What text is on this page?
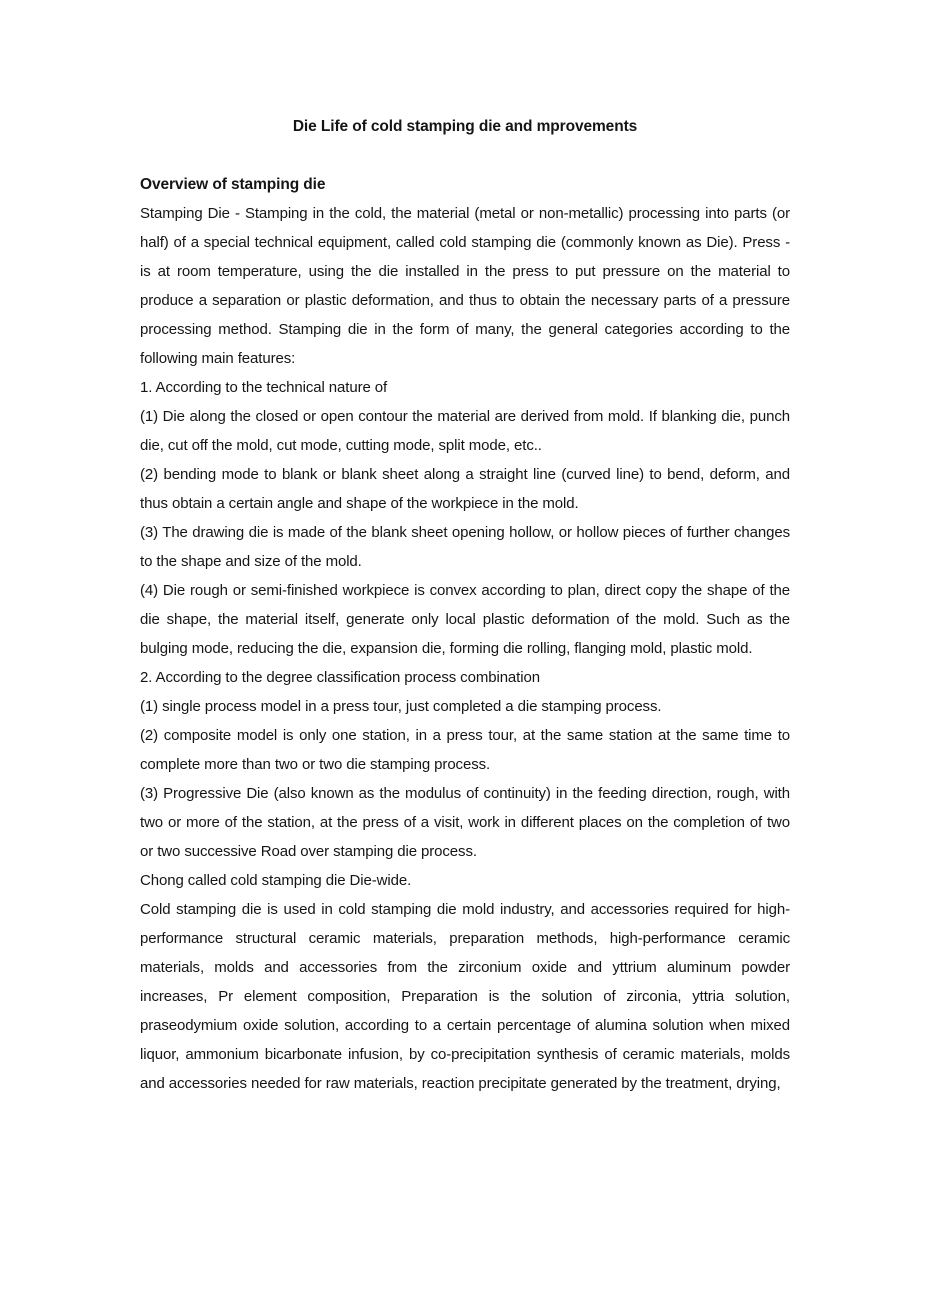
Die Life of cold stamping die and mprovements
Overview of stamping die

Stamping Die - Stamping in the cold, the material (metal or non-metallic) processing into parts (or half) of a special technical equipment, called cold stamping die (commonly known as Die). Press - is at room temperature, using the die installed in the press to put pressure on the material to produce a separation or plastic deformation, and thus to obtain the necessary parts of a pressure processing method. Stamping die in the form of many, the general categories according to the following main features:

1. According to the technical nature of

(1) Die along the closed or open contour the material are derived from mold. If blanking die, punch die, cut off the mold, cut mode, cutting mode, split mode, etc..

(2) bending mode to blank or blank sheet along a straight line (curved line) to bend, deform, and thus obtain a certain angle and shape of the workpiece in the mold.

(3) The drawing die is made of the blank sheet opening hollow, or hollow pieces of further changes to the shape and size of the mold.

(4) Die rough or semi-finished workpiece is convex according to plan, direct copy the shape of the die shape, the material itself, generate only local plastic deformation of the mold. Such as the bulging mode, reducing the die, expansion die, forming die rolling, flanging mold, plastic mold.

2. According to the degree classification process combination

(1) single process model in a press tour, just completed a die stamping process.

(2) composite model is only one station, in a press tour, at the same station at the same time to complete more than two or two die stamping process.

(3) Progressive Die (also known as the modulus of continuity) in the feeding direction, rough, with two or more of the station, at the press of a visit, work in different places on the completion of two or two successive Road over stamping die process.

Chong called cold stamping die Die-wide.

Cold stamping die is used in cold stamping die mold industry, and accessories required for high-performance structural ceramic materials, preparation methods, high-performance ceramic materials, molds and accessories from the zirconium oxide and yttrium aluminum powder increases, Pr element composition, Preparation is the solution of zirconia, yttria solution, praseodymium oxide solution, according to a certain percentage of alumina solution when mixed liquor, ammonium bicarbonate infusion, by co-precipitation synthesis of ceramic materials, molds and accessories needed for raw materials, reaction precipitate generated by the treatment, drying,
